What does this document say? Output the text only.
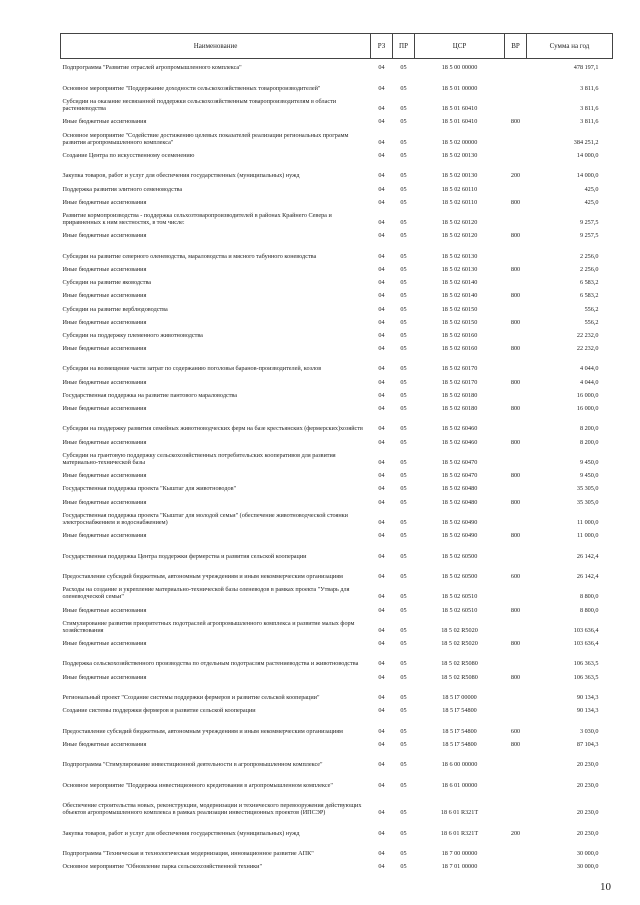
Наименование	РЗ	ПР	ЦСР	ВР	Сумма на год
Подпрограмма "Развитие отраслей агропромышленного комплекса"	04	05	18 5 00 00000		478 197,1
Основное мероприятие "Поддержание доходности сельскохозяйственных товаропроизводителей"	04	05	18 5 01 00000		3 811,6
Субсидии на оказание несвязанной поддержки сельскохозяйственным товаропроизводителям в области растениеводства	04	05	18 5 01 60410		3 811,6
Иные бюджетные ассигнования	04	05	18 5 01 60410	800	3 811,6
Основное мероприятие "Содействие достижению целевых показателей реализации региональных программ развития агропромышленного комплекса"	04	05	18 5 02 00000		384 251,2
Создание Центра по искусственному осеменению	04	05	18 5 02 00130		14 000,0
Закупка товаров, работ и услуг для обеспечения государственных (муниципальных) нужд	04	05	18 5 02 00130	200	14 000,0
Поддержка развития элитного семеноводства	04	05	18 5 02 60110		425,0
Иные бюджетные ассигнования	04	05	18 5 02 60110	800	425,0
Развитие кормопроизводства - поддержка сельхозтоваропроизводителей в районах Крайнего Севера и приравненных к ним местностях, в том числе:	04	05	18 5 02 60120		9 257,5
Иные бюджетные ассигнования	04	05	18 5 02 60120	800	9 257,5
Субсидии на развитие северного оленеводства, мараловодства и мясного табунного коневодства	04	05	18 5 02 60130		2 256,0
Иные бюджетные ассигнования	04	05	18 5 02 60130	800	2 256,0
Субсидии на развитие яководства	04	05	18 5 02 60140		6 583,2
Иные бюджетные ассигнования	04	05	18 5 02 60140	800	6 583,2
Субсидии на развитие верблюдоводства	04	05	18 5 02 60150		556,2
Иные бюджетные ассигнования	04	05	18 5 02 60150	800	556,2
Субсидии на поддержку племенного животноводства	04	05	18 5 02 60160		22 232,0
Иные бюджетные ассигнования	04	05	18 5 02 60160	800	22 232,0
Субсидии на возмещение части затрат по содержанию поголовья баранов-производителей, козлов	04	05	18 5 02 60170		4 044,0
Иные бюджетные ассигнования	04	05	18 5 02 60170	800	4 044,0
Государственная поддержка на развитие пантового мараловодства	04	05	18 5 02 60180		16 000,0
Иные бюджетные ассигнования	04	05	18 5 02 60180	800	16 000,0
Субсидии на поддержку развития семейных животноводческих ферм на базе крестьянских (фермерских)хозяйств	04	05	18 5 02 60460		8 200,0
Иные бюджетные ассигнования	04	05	18 5 02 60460	800	8 200,0
Субсидии на грантовую поддержку сельскохозяйственных потребительских кооперативов для развития материально-технической базы	04	05	18 5 02 60470		9 450,0
Иные бюджетные ассигнования	04	05	18 5 02 60470	800	9 450,0
Государственная поддержка проекта "Кыштаг для животноводов"	04	05	18 5 02 60480		35 305,0
Иные бюджетные ассигнования	04	05	18 5 02 60480	800	35 305,0
Государственная поддержка проекта "Кыштаг для молодой семьи" (обеспечение животноводческой стоянки электроснабжением и водоснабжением)	04	05	18 5 02 60490		11 000,0
Иные бюджетные ассигнования	04	05	18 5 02 60490	800	11 000,0
Государственная поддержка Центра поддержки фермерства и развития сельской кооперации	04	05	18 5 02 60500		26 142,4
Предоставление субсидий бюджетным, автономным учреждениям и иным некоммерческим организациям	04	05	18 5 02 60500	600	26 142,4
Расходы на создание и укрепление материально-технической базы оленеводов в рамках проекта "Утварь для оленеводческой семьи"	04	05	18 5 02 60510		8 800,0
Иные бюджетные ассигнования	04	05	18 5 02 60510	800	8 800,0
Стимулирование развития приоритетных подотраслей агропромышленного комплекса и развитие малых форм хозяйствования	04	05	18 5 02 R5020		103 636,4
Иные бюджетные ассигнования	04	05	18 5 02 R5020	800	103 636,4
Поддержка сельскохозяйственного производства по отдельным подотраслям растениеводства и животноводства	04	05	18 5 02 R5080		106 363,5
Иные бюджетные ассигнования	04	05	18 5 02 R5080	800	106 363,5
Региональный проект "Создание системы поддержки фермеров и развитие сельской кооперации"	04	05	18 5 I7 00000		90 134,3
Создание системы поддержки фермеров и развитие сельской кооперации	04	05	18 5 I7 54800		90 134,3
Предоставление субсидий бюджетным, автономным учреждениям и иным некоммерческим организациям	04	05	18 5 I7 54800	600	3 030,0
Иные бюджетные ассигнования	04	05	18 5 I7 54800	800	87 104,3
Подпрограмма "Стимулирование инвестиционной деятельности в агропромышленном комплексе"	04	05	18 6 00 00000		20 230,0
Основное мероприятие "Поддержка инвестиционного кредитования в агропромышленном комплексе"	04	05	18 6 01 00000		20 230,0
Обеспечение строительства новых, реконструкции, модернизации и технического перевооружения действующих объектов агропромышленного комплекса в рамках реализации инвестиционных проектов (ИПСЭР)	04	05	18 6 01 R321Т		20 230,0
Закупка товаров, работ и услуг для обеспечения государственных (муниципальных) нужд	04	05	18 6 01 R321Т	200	20 230,0
Подпрограмма "Техническая и технологическая модернизация, инновационное развитие АПК"	04	05	18 7 00 00000		30 000,0
Основное мероприятие "Обновление парка сельскохозяйственной техники"	04	05	18 7 01 00000		30 000,0
10
